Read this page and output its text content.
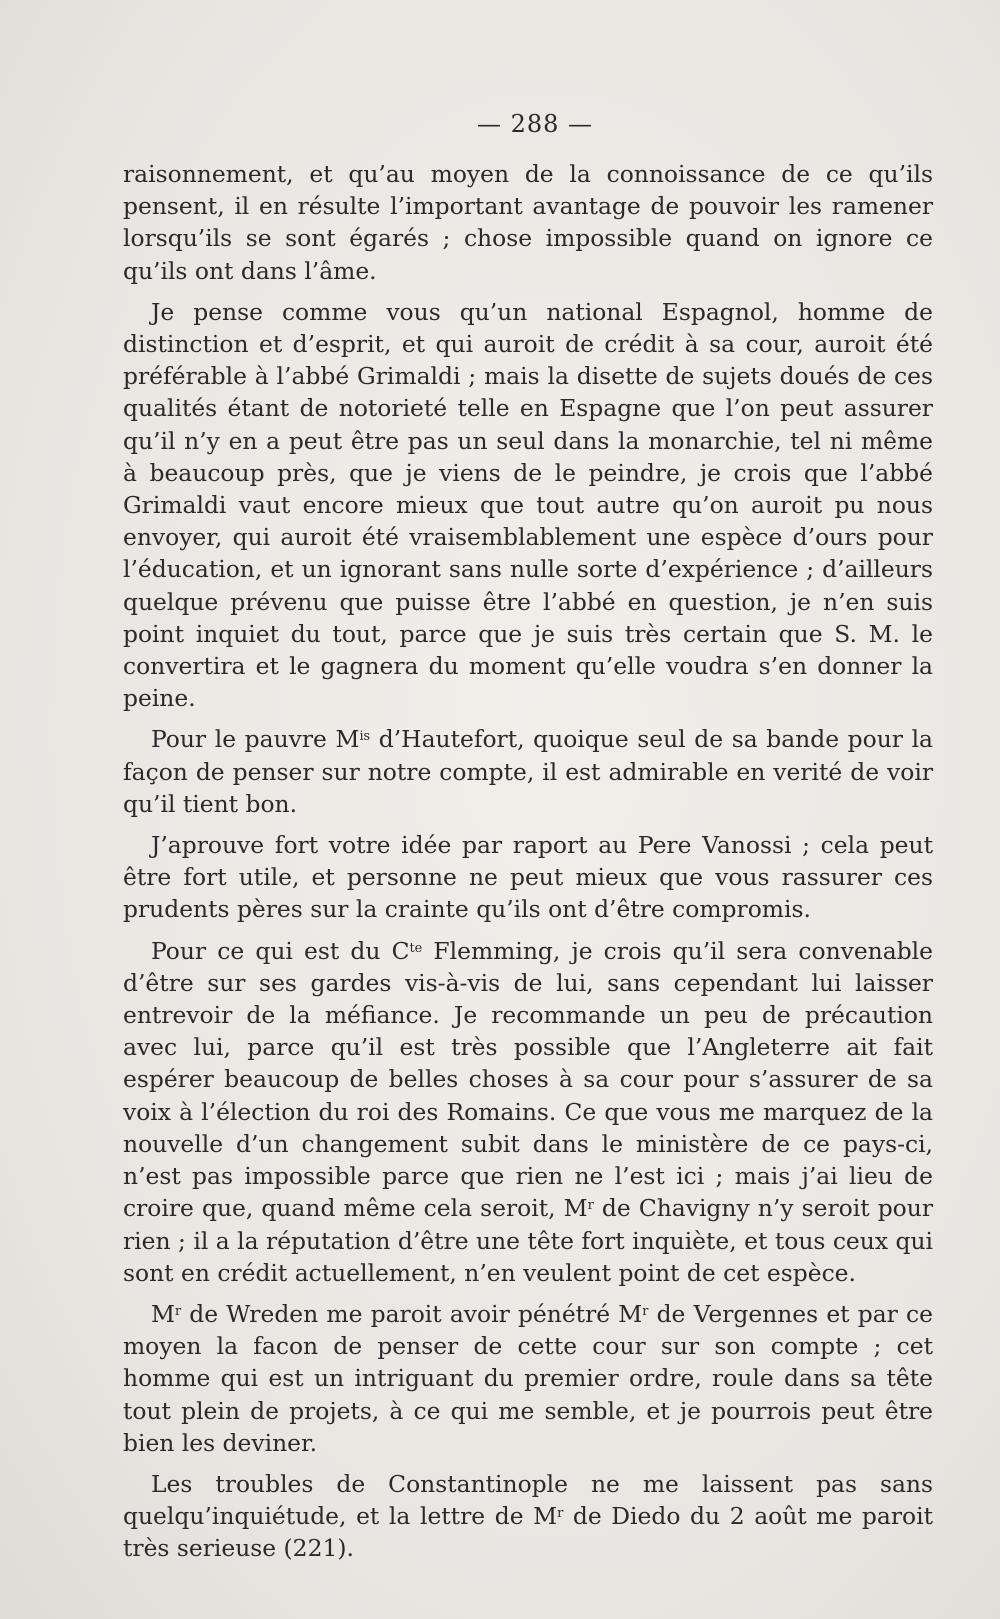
— 288 —

raisonnement, et qu’au moyen de la connoissance de ce qu’ils pensent, il en résulte l’important avantage de pouvoir les ramener lorsqu’ils se sont égarés ; chose impossible quand on ignore ce qu’ils ont dans l’âme.

Je pense comme vous qu’un national Espagnol, homme de distinction et d’esprit, et qui auroit de crédit à sa cour, auroit été préférable à l’abbé Grimaldi ; mais la disette de sujets doués de ces qualités étant de notorieté telle en Espagne que l’on peut assurer qu’il n’y en a peut être pas un seul dans la monarchie, tel ni même à beaucoup près, que je viens de le peindre, je crois que l’abbé Grimaldi vaut encore mieux que tout autre qu’on auroit pu nous envoyer, qui auroit été vraisemblablement une espèce d’ours pour l’éducation, et un ignorant sans nulle sorte d’expérience ; d’ailleurs quelque prévenu que puisse être l’abbé en question, je n’en suis point inquiet du tout, parce que je suis très certain que S. M. le convertira et le gagnera du moment qu’elle voudra s’en donner la peine.

Pour le pauvre $M^{is}$ d’Hautefort, quoique seul de sa bande pour la façon de penser sur notre compte, il est admirable en verité de voir qu’il tient bon.

J’aprouve fort votre idée par raport au Pere Vanossi ; cela peut être fort utile, et personne ne peut mieux que vous rassurer ces prudents pères sur la crainte qu’ils ont d’être compromis.

Pour ce qui est du $C^{te}$ Flemming, je crois qu’il sera convenable d’être sur ses gardes vis-à-vis de lui, sans cependant lui laisser entrevoir de la méfiance. Je recommande un peu de précaution avec lui, parce qu’il est très possible que l’Angleterre ait fait espérer beaucoup de belles choses à sa cour pour s’assurer de sa voix à l’élection du roi des Romains. Ce que vous me marquez de la nouvelle d’un changement subit dans le ministère de ce pays-ci, n’est pas impossible parce que rien ne l’est ici ; mais j’ai lieu de croire que, quand même cela seroit, $M^r$ de Chavigny n’y seroit pour rien ; il a la réputation d’être une tête fort inquiète, et tous ceux qui sont en crédit actuellement, n’en veulent point de cet espèce.

$M^r$ de Wreden me paroit avoir pénétré $M^r$ de Vergennes et par ce moyen la facon de penser de cette cour sur son compte ; cet homme qui est un intriguant du premier ordre, roule dans sa tête tout plein de projets, à ce qui me semble, et je pourrois peut être bien les deviner.

Les troubles de Constantinople ne me laissent pas sans quelqu’inquiétude, et la lettre de $M^r$ de Diedo du 2 août me paroit très serieuse (221).
